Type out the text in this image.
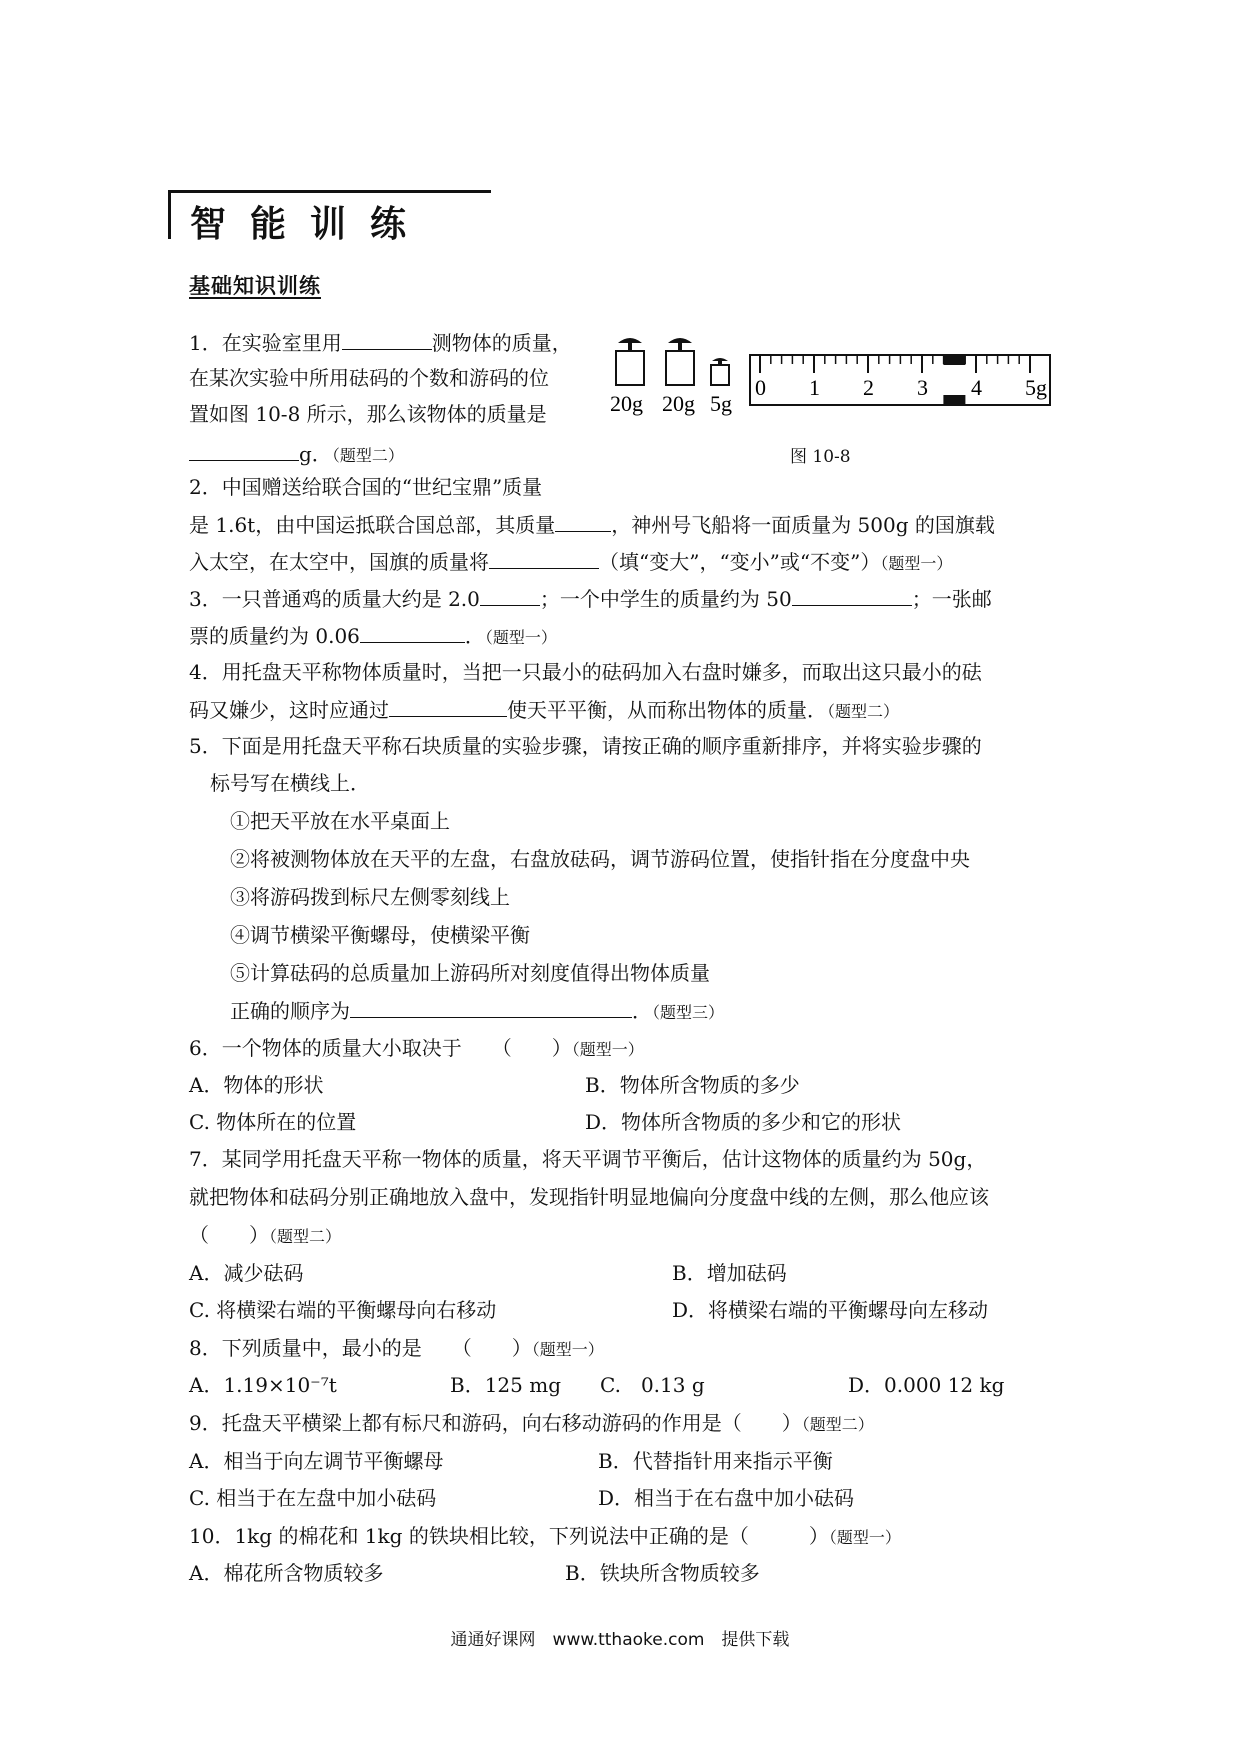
智能训练
基础知识训练
1．在实验室里用	测物体的质量，
在某次实验中所用砝码的个数和游码的位
置如图 10-8 所示，那么该物体的质量是
g．（题型二）
20g 20g 5g
0 1 2 3 4 5g
图 10-8
2．中国赠送给联合国的“世纪宝鼎”质量
是 1.6t，由中国运抵联合国总部，其质量	，神州号飞船将一面质量为 500g 的国旗载
入太空，在太空中，国旗的质量将	（填“变大”，“变小”或“不变”）（题型一）
3．一只普通鸡的质量大约是 2.0	；一个中学生的质量约为 50	；一张邮
票的质量约为 0.06	．（题型一）
4．用托盘天平称物体质量时，当把一只最小的砝码加入右盘时嫌多，而取出这只最小的砝
码又嫌少，这时应通过	使天平平衡，从而称出物体的质量．（题型二）
5．下面是用托盘天平称石块质量的实验步骤，请按正确的顺序重新排序，并将实验步骤的
标号写在横线上．
①把天平放在水平桌面上
②将被测物体放在天平的左盘，右盘放砝码，调节游码位置，使指针指在分度盘中央
③将游码拨到标尺左侧零刻线上
④调节横梁平衡螺母，使横梁平衡
⑤计算砝码的总质量加上游码所对刻度值得出物体质量
正确的顺序为	．（题型三）
6．一个物体的质量大小取决于　　 （　　）（题型一）
A．物体的形状	B．物体所含物质的多少
C. 物体所在的位置	D．物体所含物质的多少和它的形状
7．某同学用托盘天平称一物体的质量，将天平调节平衡后，估计这物体的质量约为 50g，
就把物体和砝码分别正确地放入盘中，发现指针明显地偏向分度盘中线的左侧，那么他应该
（　　）（题型二）
A．减少砝码	B．增加砝码
C. 将横梁右端的平衡螺母向右移动	D．将横梁右端的平衡螺母向左移动
8．下列质量中，最小的是　　 （　　）（题型一）
A．1.19×10⁻⁷t	B．125 mg C.　0.13 g	D．0.000 12 kg
9．托盘天平横梁上都有标尺和游码，向右移动游码的作用是（　　）（题型二）
A．相当于向左调节平衡螺母	B．代替指针用来指示平衡
C. 相当于在左盘中加小砝码	D．相当于在右盘中加小砝码
10．1kg 的棉花和 1kg 的铁块相比较，下列说法中正确的是（　　　）（题型一）
A．棉花所含物质较多	B．铁块所含物质较多
通通好课网　www.tthaoke.com　提供下载
